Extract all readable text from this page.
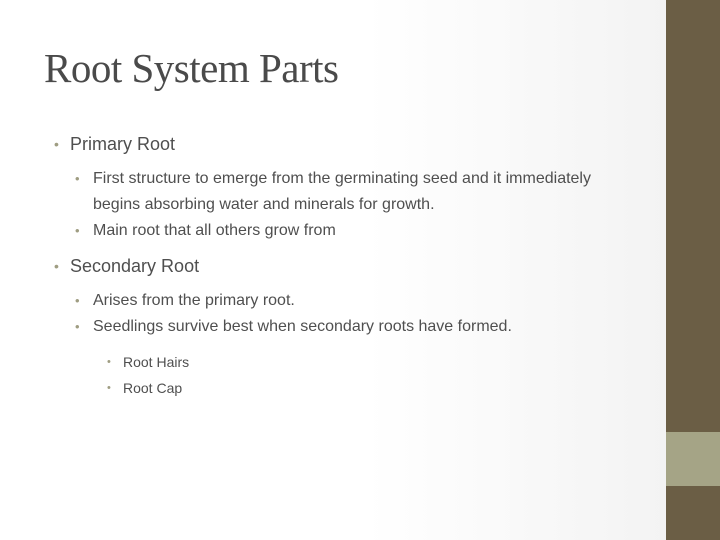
Root System Parts
• Primary Root
• First structure to emerge from the germinating seed and it immediately begins absorbing water and minerals for growth.
• Main root that all others grow from
• Secondary Root
• Arises from the primary root.
• Seedlings survive best when secondary roots have formed.
• Root Hairs
• Root Cap
